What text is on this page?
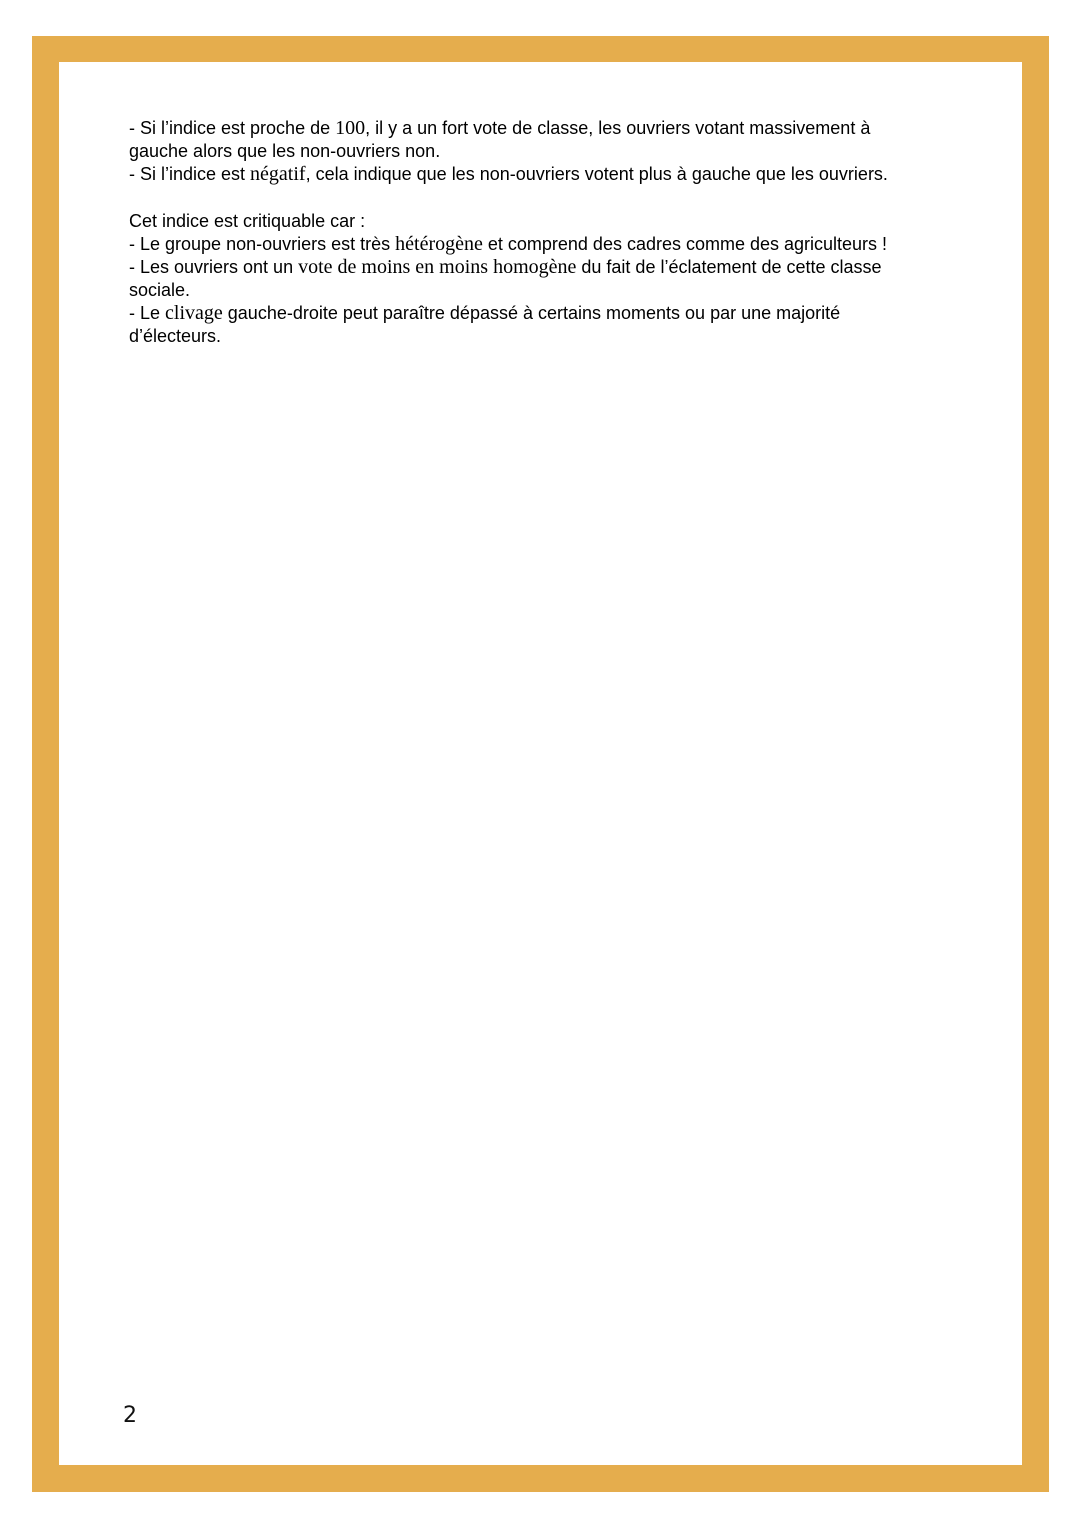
- Si l’indice est proche de 100, il y a un fort vote de classe, les ouvriers votant massivement à

gauche alors que les non-ouvriers non.

- Si l’indice est négatif, cela indique que les non-ouvriers votent plus à gauche que les ouvriers.

Cet indice est critiquable car :

- Le groupe non-ouvriers est très hétérogène et comprend des cadres comme des agriculteurs !

- Les ouvriers ont un vote de moins en moins homogène du fait de l’éclatement de cette classe

sociale.

- Le clivage gauche-droite peut paraître dépassé à certains moments ou par une majorité

d’électeurs.

2
